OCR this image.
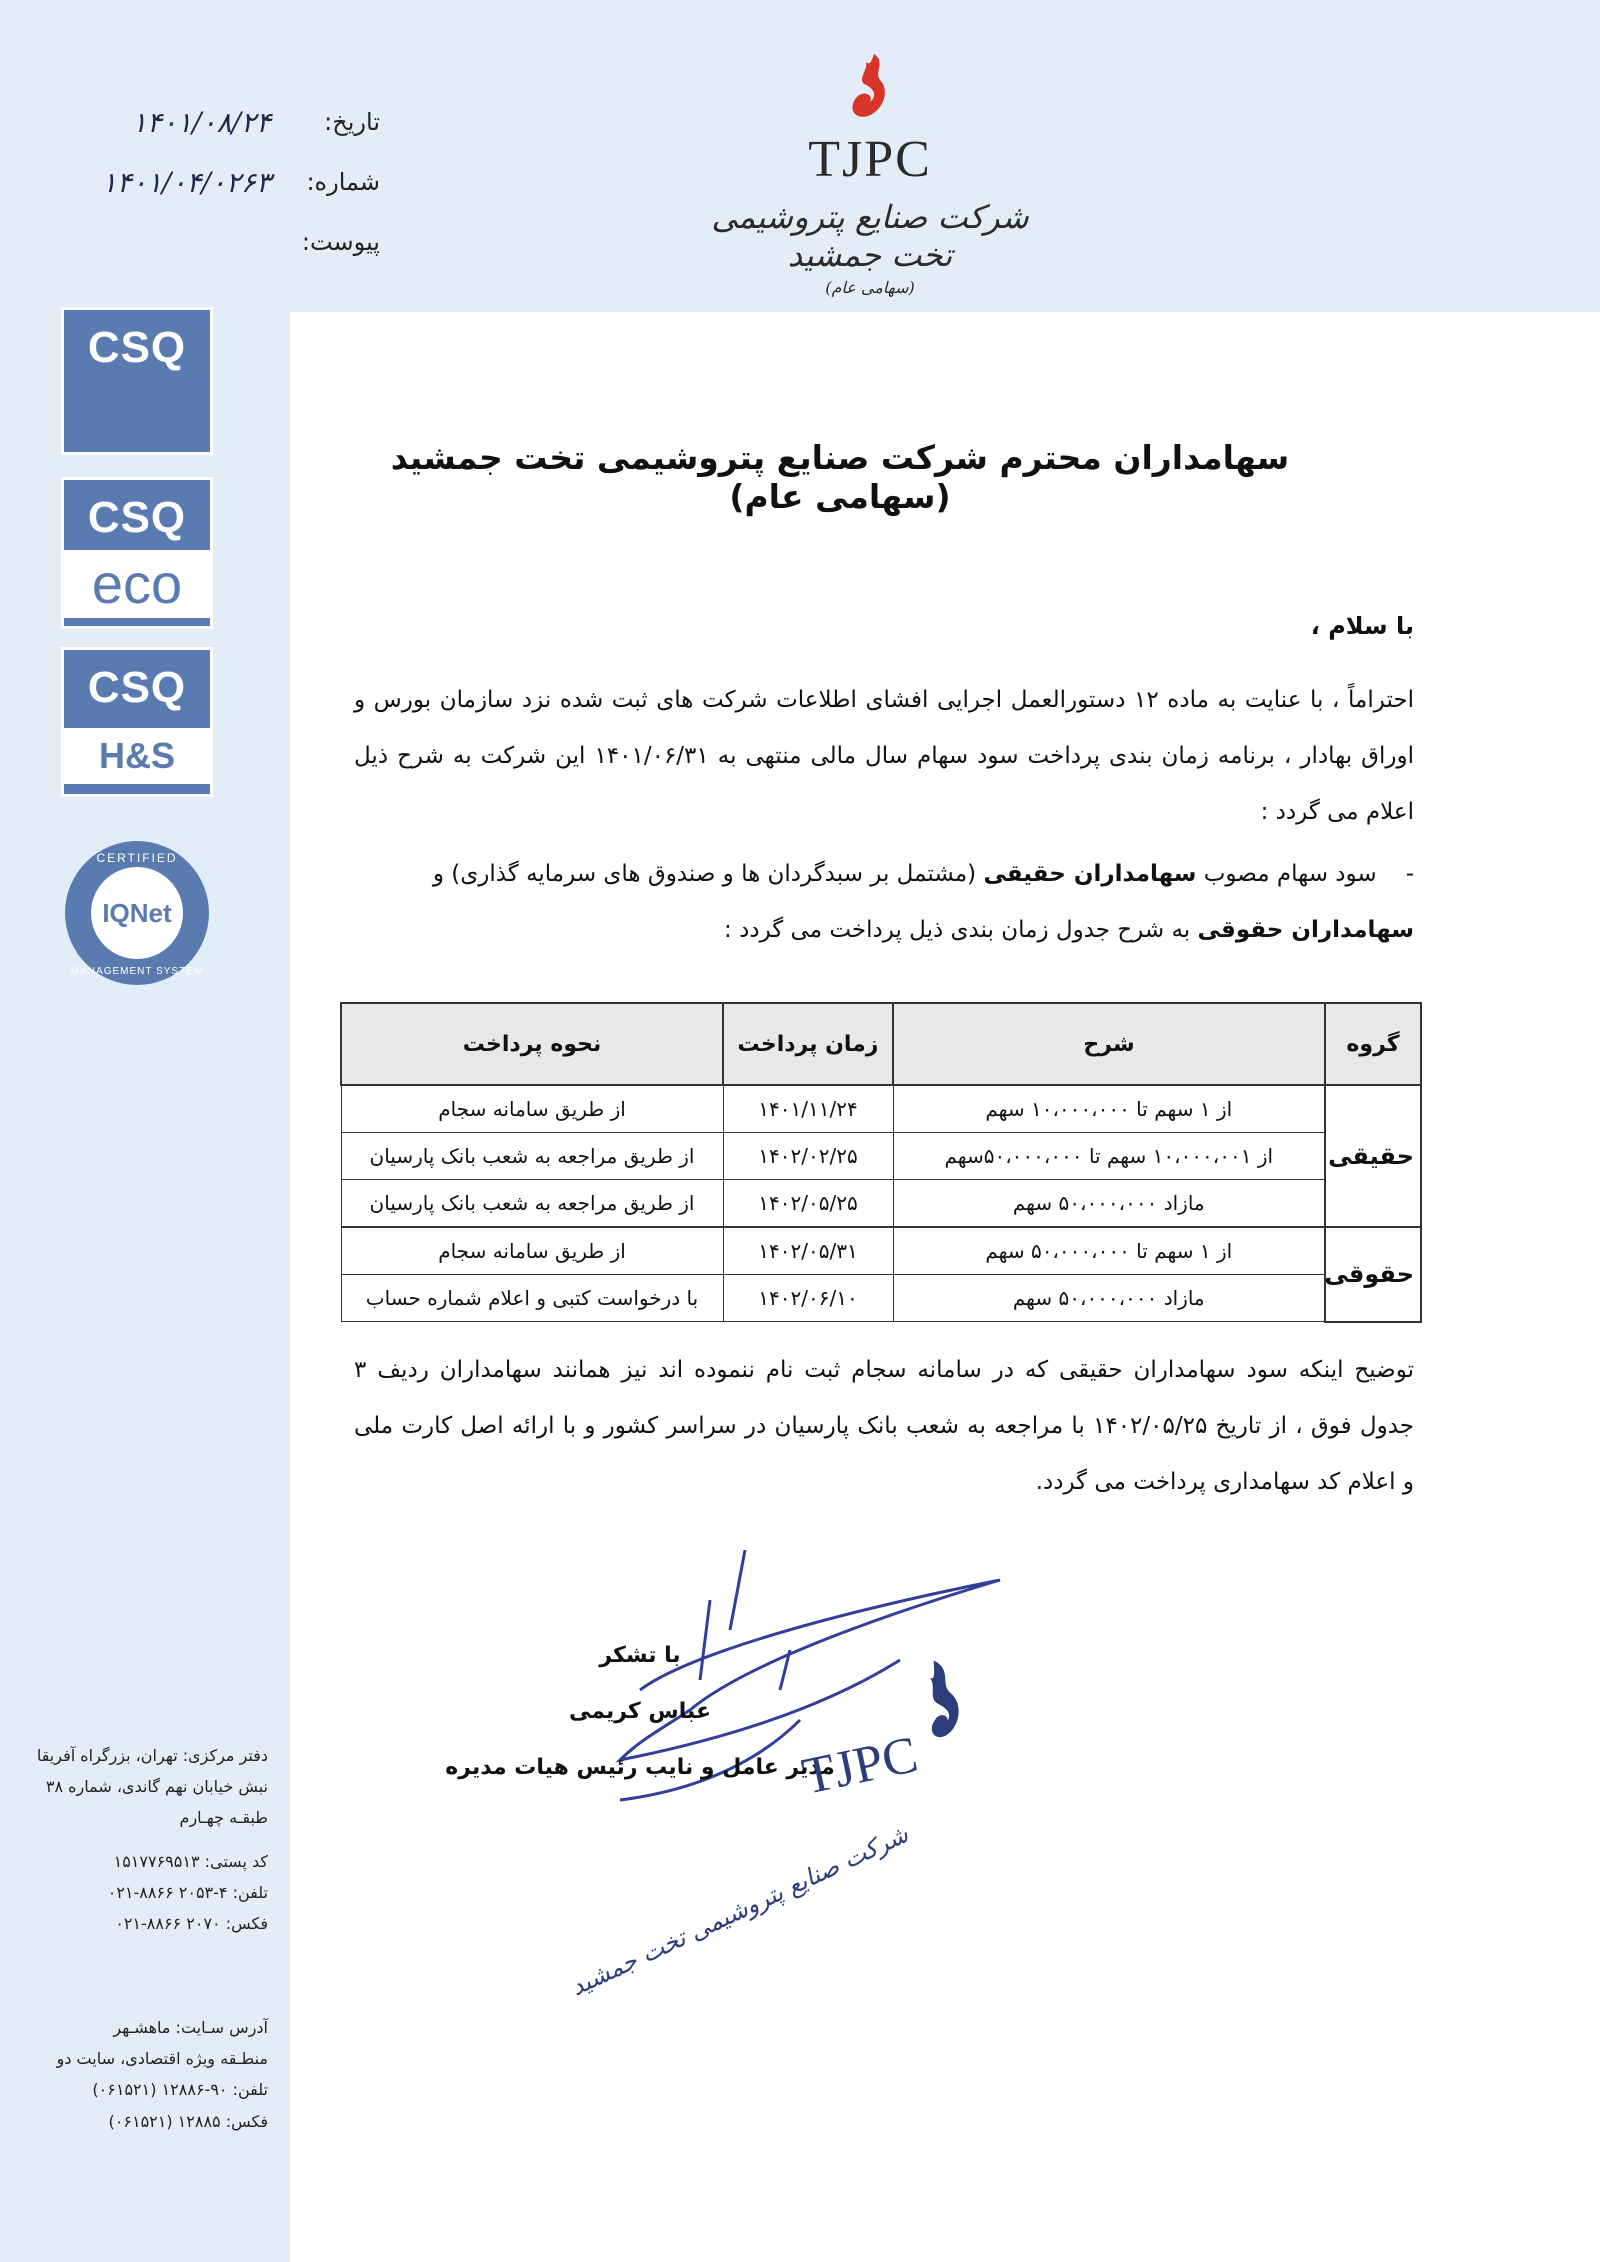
تاریخ:
۱۴۰۱/۰۸/۲۴
شماره:
۱۴۰۱/۰۴/۰۲۶۳
پیوست:
TJPC
شرکت صنایع پتروشیمی تخت جمشید
(سهامی عام)
CSQ
CSQ
eco
CSQ
H&S
IQNet
CERTIFIED
MANAGEMENT SYSTEM
دفتر مرکزی: تهران، بزرگراه آفریقا
نبش خیابان نهم گاندی، شماره ۳۸
طبقـه چهـارم
کد پستی: ۱۵۱۷۷۶۹۵۱۳
تلفن: ۴-۲۰۵۳ ۸۸۶۶-۰۲۱
فکس: ۲۰۷۰ ۸۸۶۶-۰۲۱
آدرس سـایت: ماهشـهر
منطـقه ویژه اقتصادی، سایت دو
تلفن: ۹۰-۱۲۸۸۶ (۰۶۱۵۲۱)
فکس: ۱۲۸۸۵ (۰۶۱۵۲۱)
سهامداران محترم شرکت صنایع پتروشیمی تخت جمشید (سهامی عام)
با سلام ،
احتراماً ، با عنایت به ماده ۱۲ دستورالعمل اجرایی افشای اطلاعات شرکت های ثبت شده نزد سازمان بورس و اوراق بهادار ، برنامه زمان بندی پرداخت سود سهام سال مالی منتهی به ۱۴۰۱/۰۶/۳۱ این شرکت به شرح ذیل اعلام می گردد :
- سود سهام مصوب سهامداران حقیقی (مشتمل بر سبدگردان ها و صندوق های سرمایه گذاری) و
سهامداران حقوقی به شرح جدول زمان بندی ذیل پرداخت می گردد :
گروه	شرح	زمان پرداخت	نحوه پرداخت
حقیقی	از ۱ سهم تا ۱۰،۰۰۰،۰۰۰ سهم	۱۴۰۱/۱۱/۲۴	از طریق سامانه سجام
	از ۱۰،۰۰۰،۰۰۱ سهم تا ۵۰،۰۰۰،۰۰۰سهم	۱۴۰۲/۰۲/۲۵	از طریق مراجعه به شعب بانک پارسیان
	مازاد ۵۰،۰۰۰،۰۰۰ سهم	۱۴۰۲/۰۵/۲۵	از طریق مراجعه به شعب بانک پارسیان
حقوقی	از ۱ سهم تا ۵۰،۰۰۰،۰۰۰ سهم	۱۴۰۲/۰۵/۳۱	از طریق سامانه سجام
	مازاد ۵۰،۰۰۰،۰۰۰ سهم	۱۴۰۲/۰۶/۱۰	با درخواست کتبی و اعلام شماره حساب
توضیح اینکه سود سهامداران حقیقی که در سامانه سجام ثبت نام ننموده اند نیز همانند سهامداران ردیف ۳ جدول فوق ، از تاریخ ۱۴۰۲/۰۵/۲۵ با مراجعه به شعب بانک پارسیان در سراسر کشور و با ارائه اصل کارت ملی و اعلام کد سهامداری پرداخت می گردد.
با تشکر
عباس کریمی
مدیر عامل و نایب رئیس هیات مدیره
TJPC
شرکت صنایع پتروشیمی تخت جمشید
